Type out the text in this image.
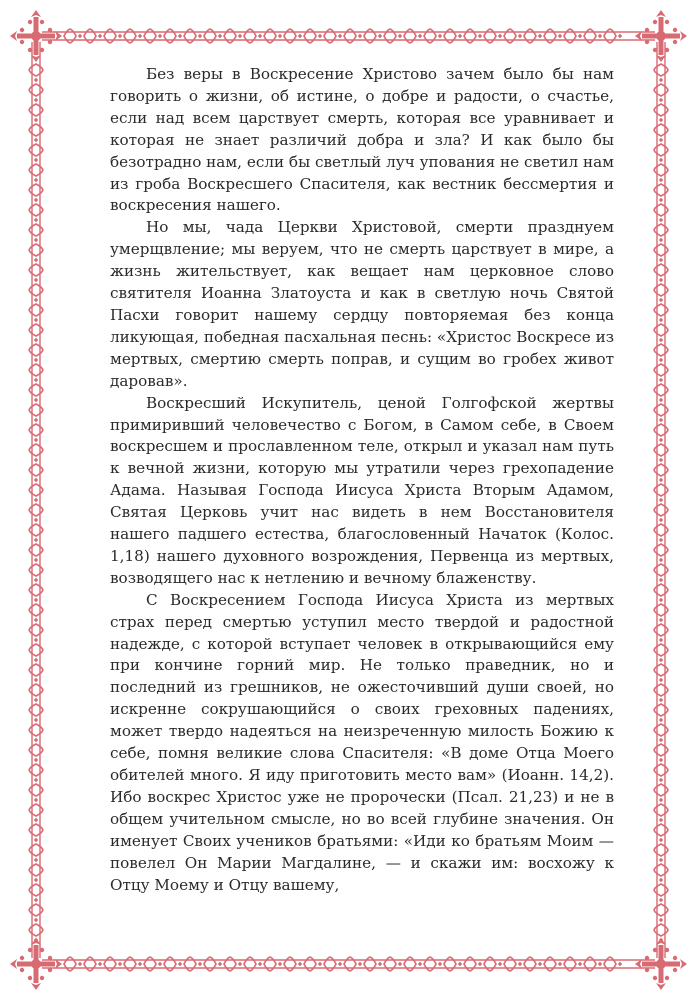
Без веры в Воскресение Христово зачем было бы нам говорить о жизни, об истине, о добре и радости, о счастье, если над всем царствует смерть, которая все уравнивает и которая не знает различий добра и зла? И как было бы безотрадно нам, если бы светлый луч упования не светил нам из гроба Воскресшего Спасителя, как вестник бессмертия и воскресения нашего.

Но мы, чада Церкви Христовой, смерти празднуем умерщвление; мы веруем, что не смерть царствует в мире, а жизнь жительствует, как вещает нам церковное слово святителя Иоанна Златоуста и как в светлую ночь Святой Пасхи говорит нашему сердцу повторяемая без конца ликующая, победная пасхальная песнь: «Христос Воскресе из мертвых, смертию смерть поправ, и сущим во гробех живот даровав».

Воскресший Искупитель, ценой Голгофской жертвы примиривший человечество с Богом, в Самом себе, в Своем воскресшем и прославленном теле, открыл и указал нам путь к вечной жизни, которую мы утратили через грехопадение Адама. Называя Господа Иисуса Христа Вторым Адамом, Святая Церковь учит нас видеть в нем Восстановителя нашего падшего естества, благословенный Начаток (Колос. 1,18) нашего духовного возрождения, Первенца из мертвых, возводящего нас к нетлению и вечному блаженству.

С Воскресением Господа Иисуса Христа из мертвых страх перед смертью уступил место твердой и радостной надежде, с которой вступает человек в открывающийся ему при кончине горний мир. Не только праведник, но и последний из грешников, не ожесточивший души своей, но искренне сокрушающийся о своих греховных падениях, может твердо надеяться на неизреченную милость Божию к себе, помня великие слова Спасителя: «В доме Отца Моего обителей много. Я иду приготовить место вам» (Иоанн. 14,2). Ибо воскрес Христос уже не пророчески (Псал. 21,23) и не в общем учительном смысле, но во всей глубине значения. Он именует Своих учеников братьями: «Иди ко братьям Моим — повелел Он Марии Магдалине, — и скажи им: восхожу к Отцу Моему и Отцу вашему,
